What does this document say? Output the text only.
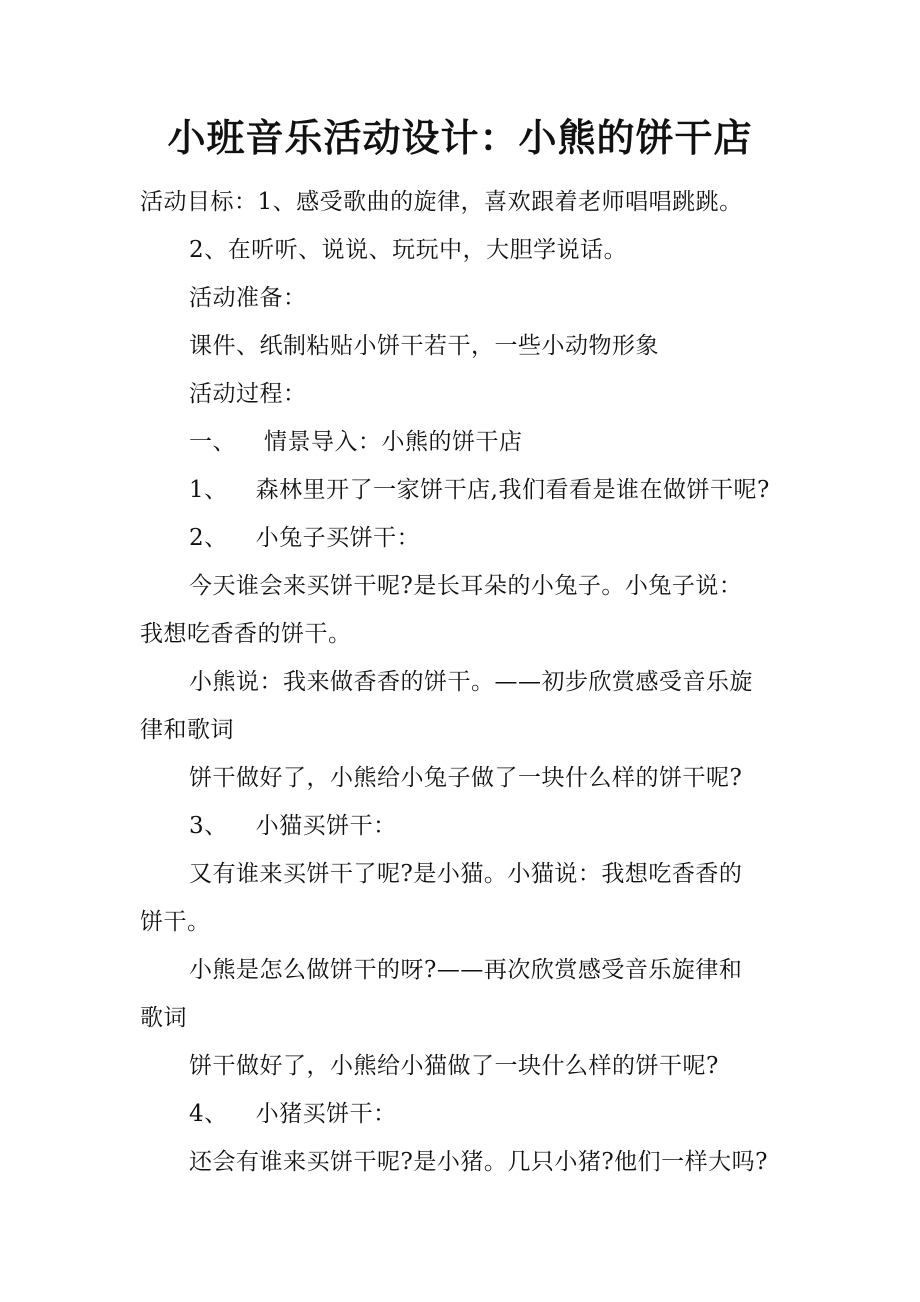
小班音乐活动设计：小熊的饼干店
活动目标：1、感受歌曲的旋律，喜欢跟着老师唱唱跳跳。
2、在听听、说说、玩玩中，大胆学说话。
活动准备：
课件、纸制粘贴小饼干若干，一些小动物形象
活动过程：
一、 情景导入：小熊的饼干店
1、 森林里开了一家饼干店,我们看看是谁在做饼干呢?
2、 小兔子买饼干：
今天谁会来买饼干呢?是长耳朵的小兔子。小兔子说：
我想吃香香的饼干。
小熊说：我来做香香的饼干。——初步欣赏感受音乐旋
律和歌词
饼干做好了，小熊给小兔子做了一块什么样的饼干呢?
3、 小猫买饼干：
又有谁来买饼干了呢?是小猫。小猫说：我想吃香香的
饼干。
小熊是怎么做饼干的呀?——再次欣赏感受音乐旋律和
歌词
饼干做好了，小熊给小猫做了一块什么样的饼干呢?
4、 小猪买饼干：
还会有谁来买饼干呢?是小猪。几只小猪?他们一样大吗?
